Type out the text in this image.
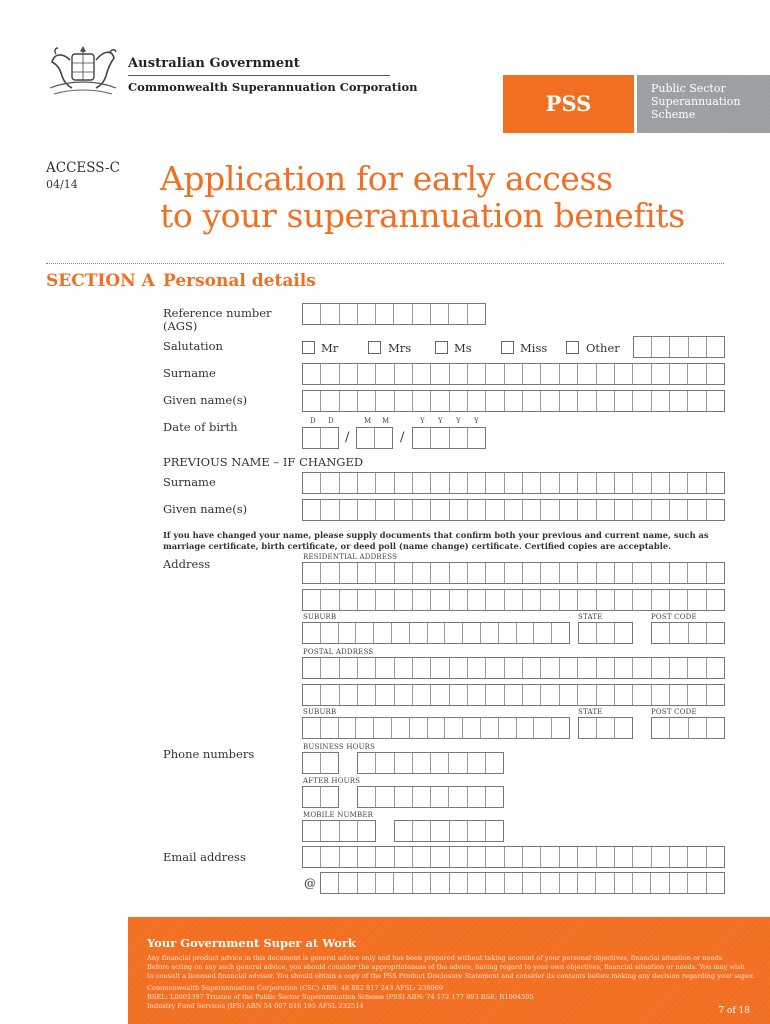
Australian Government
Commonwealth Superannuation Corporation
PSS
Public Sector
Superannuation
Scheme
ACCESS-C
04/14 Application for early access
to your superannuation benefits
SECTION A Personal details
Reference number
(AGS)
Salutation	Mr	Mrs	Ms	Miss	Other
Surname
Given name(s)
Date of birth	D D	M M	Y Y Y Y
/	/
PREVIOUS NAME – IF CHANGED
Surname
Given name(s)
If you have changed your name, please supply documents that confirm both your previous and current name, such as
marriage certificate, birth certificate, or deed poll (name change) certificate. Certified copies are acceptable.
Address	RESIDENTIAL ADDRESS
SUBURB	STATE	POST CODE
POSTAL ADDRESS
SUBURB	STATE	POST CODE
Phone numbers	BUSINESS HOURS
AFTER HOURS
MOBILE NUMBER
Email address
@
Your Government Super at Work
Any financial product advice in this document is general advice only and has been prepared without taking account of your personal objectives, financial situation or needs.
Before acting on any such general advice, you should consider the appropriateness of the advice, having regard to your own objectives, financial situation or needs. You may wish
to consult a licensed financial advisor. You should obtain a copy of the PSS Product Disclosure Statement and consider its contents before making any decision regarding your super.
Commonwealth Superannuation Corporation (CSC) ABN: 48 882 817 243 AFSL: 238069
RSEL: L0001397 Trustee of the Public Sector Superannuation Scheme (PSS) ABN: 74 172 177 893 RSE: R1004595
Industry Fund Services (IFS) ABN 54 007 016 195 AFSL 232514
7 of 18
